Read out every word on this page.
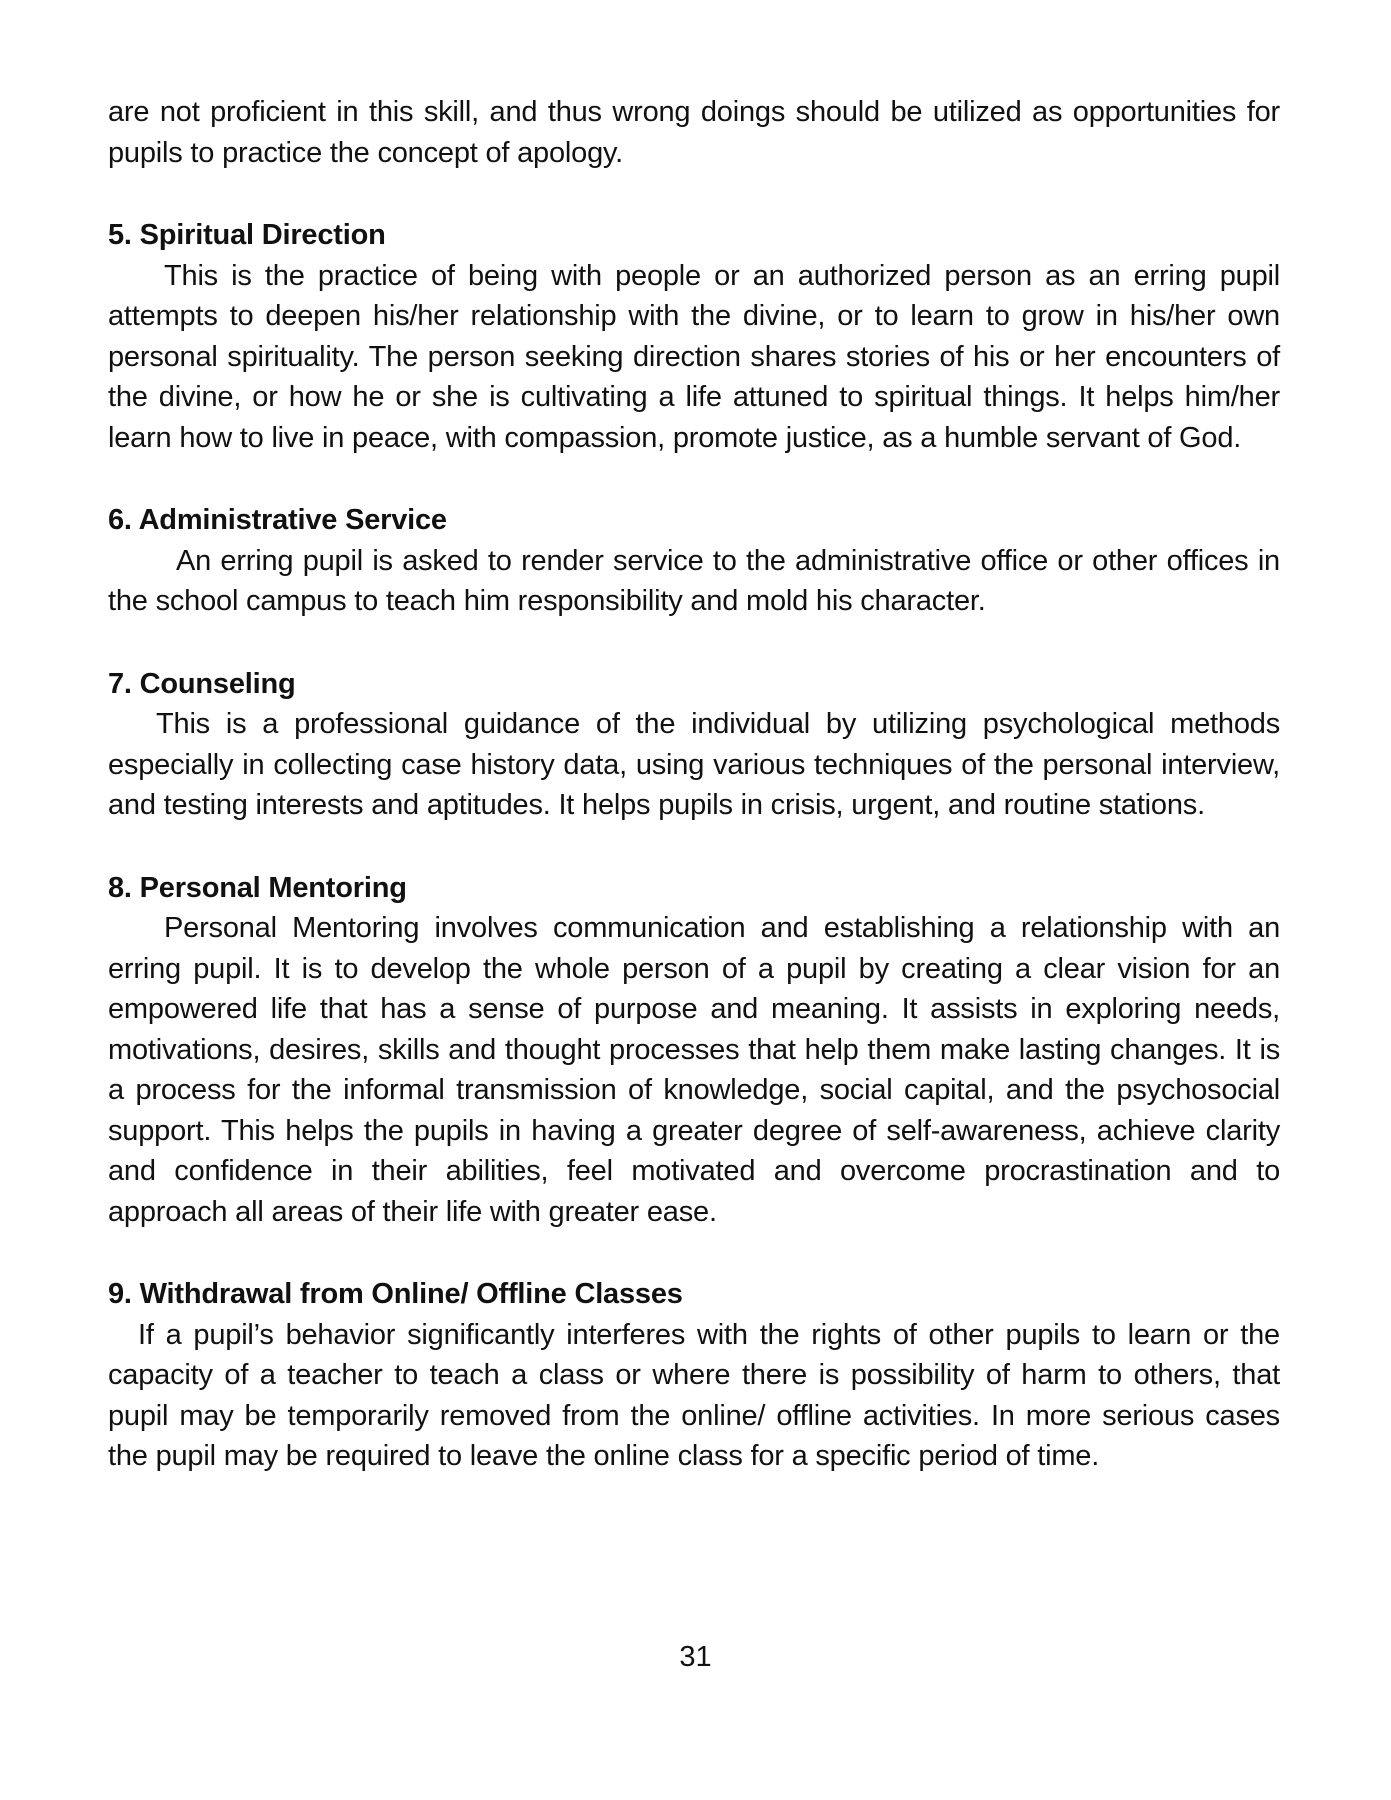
are not proficient in this skill, and thus wrong doings should be utilized as opportunities for pupils to practice the concept of apology.

5. Spiritual Direction

This is the practice of being with people or an authorized person as an erring pupil attempts to deepen his/her relationship with the divine, or to learn to grow in his/her own personal spirituality. The person seeking direction shares stories of his or her encounters of the divine, or how he or she is cultivating a life attuned to spiritual things. It helps him/her learn how to live in peace, with compassion, promote justice, as a humble servant of God.

6. Administrative Service

An erring pupil is asked to render service to the administrative office or other offices in the school campus to teach him responsibility and mold his character.

7. Counseling

This is a professional guidance of the individual by utilizing psychological methods especially in collecting case history data, using various techniques of the personal interview, and testing interests and aptitudes. It helps pupils in crisis, urgent, and routine stations.

8. Personal Mentoring

Personal Mentoring involves communication and establishing a relationship with an erring pupil. It is to develop the whole person of a pupil by creating a clear vision for an empowered life that has a sense of purpose and meaning. It assists in exploring needs, motivations, desires, skills and thought processes that help them make lasting changes. It is a process for the informal transmission of knowledge, social capital, and the psychosocial support. This helps the pupils in having a greater degree of self-awareness, achieve clarity and confidence in their abilities, feel motivated and overcome procrastination and to approach all areas of their life with greater ease.

9. Withdrawal from Online/ Offline Classes

If a pupil’s behavior significantly interferes with the rights of other pupils to learn or the capacity of a teacher to teach a class or where there is possibility of harm to others, that pupil may be temporarily removed from the online/ offline activities. In more serious cases the pupil may be required to leave the online class for a specific period of time.

31
